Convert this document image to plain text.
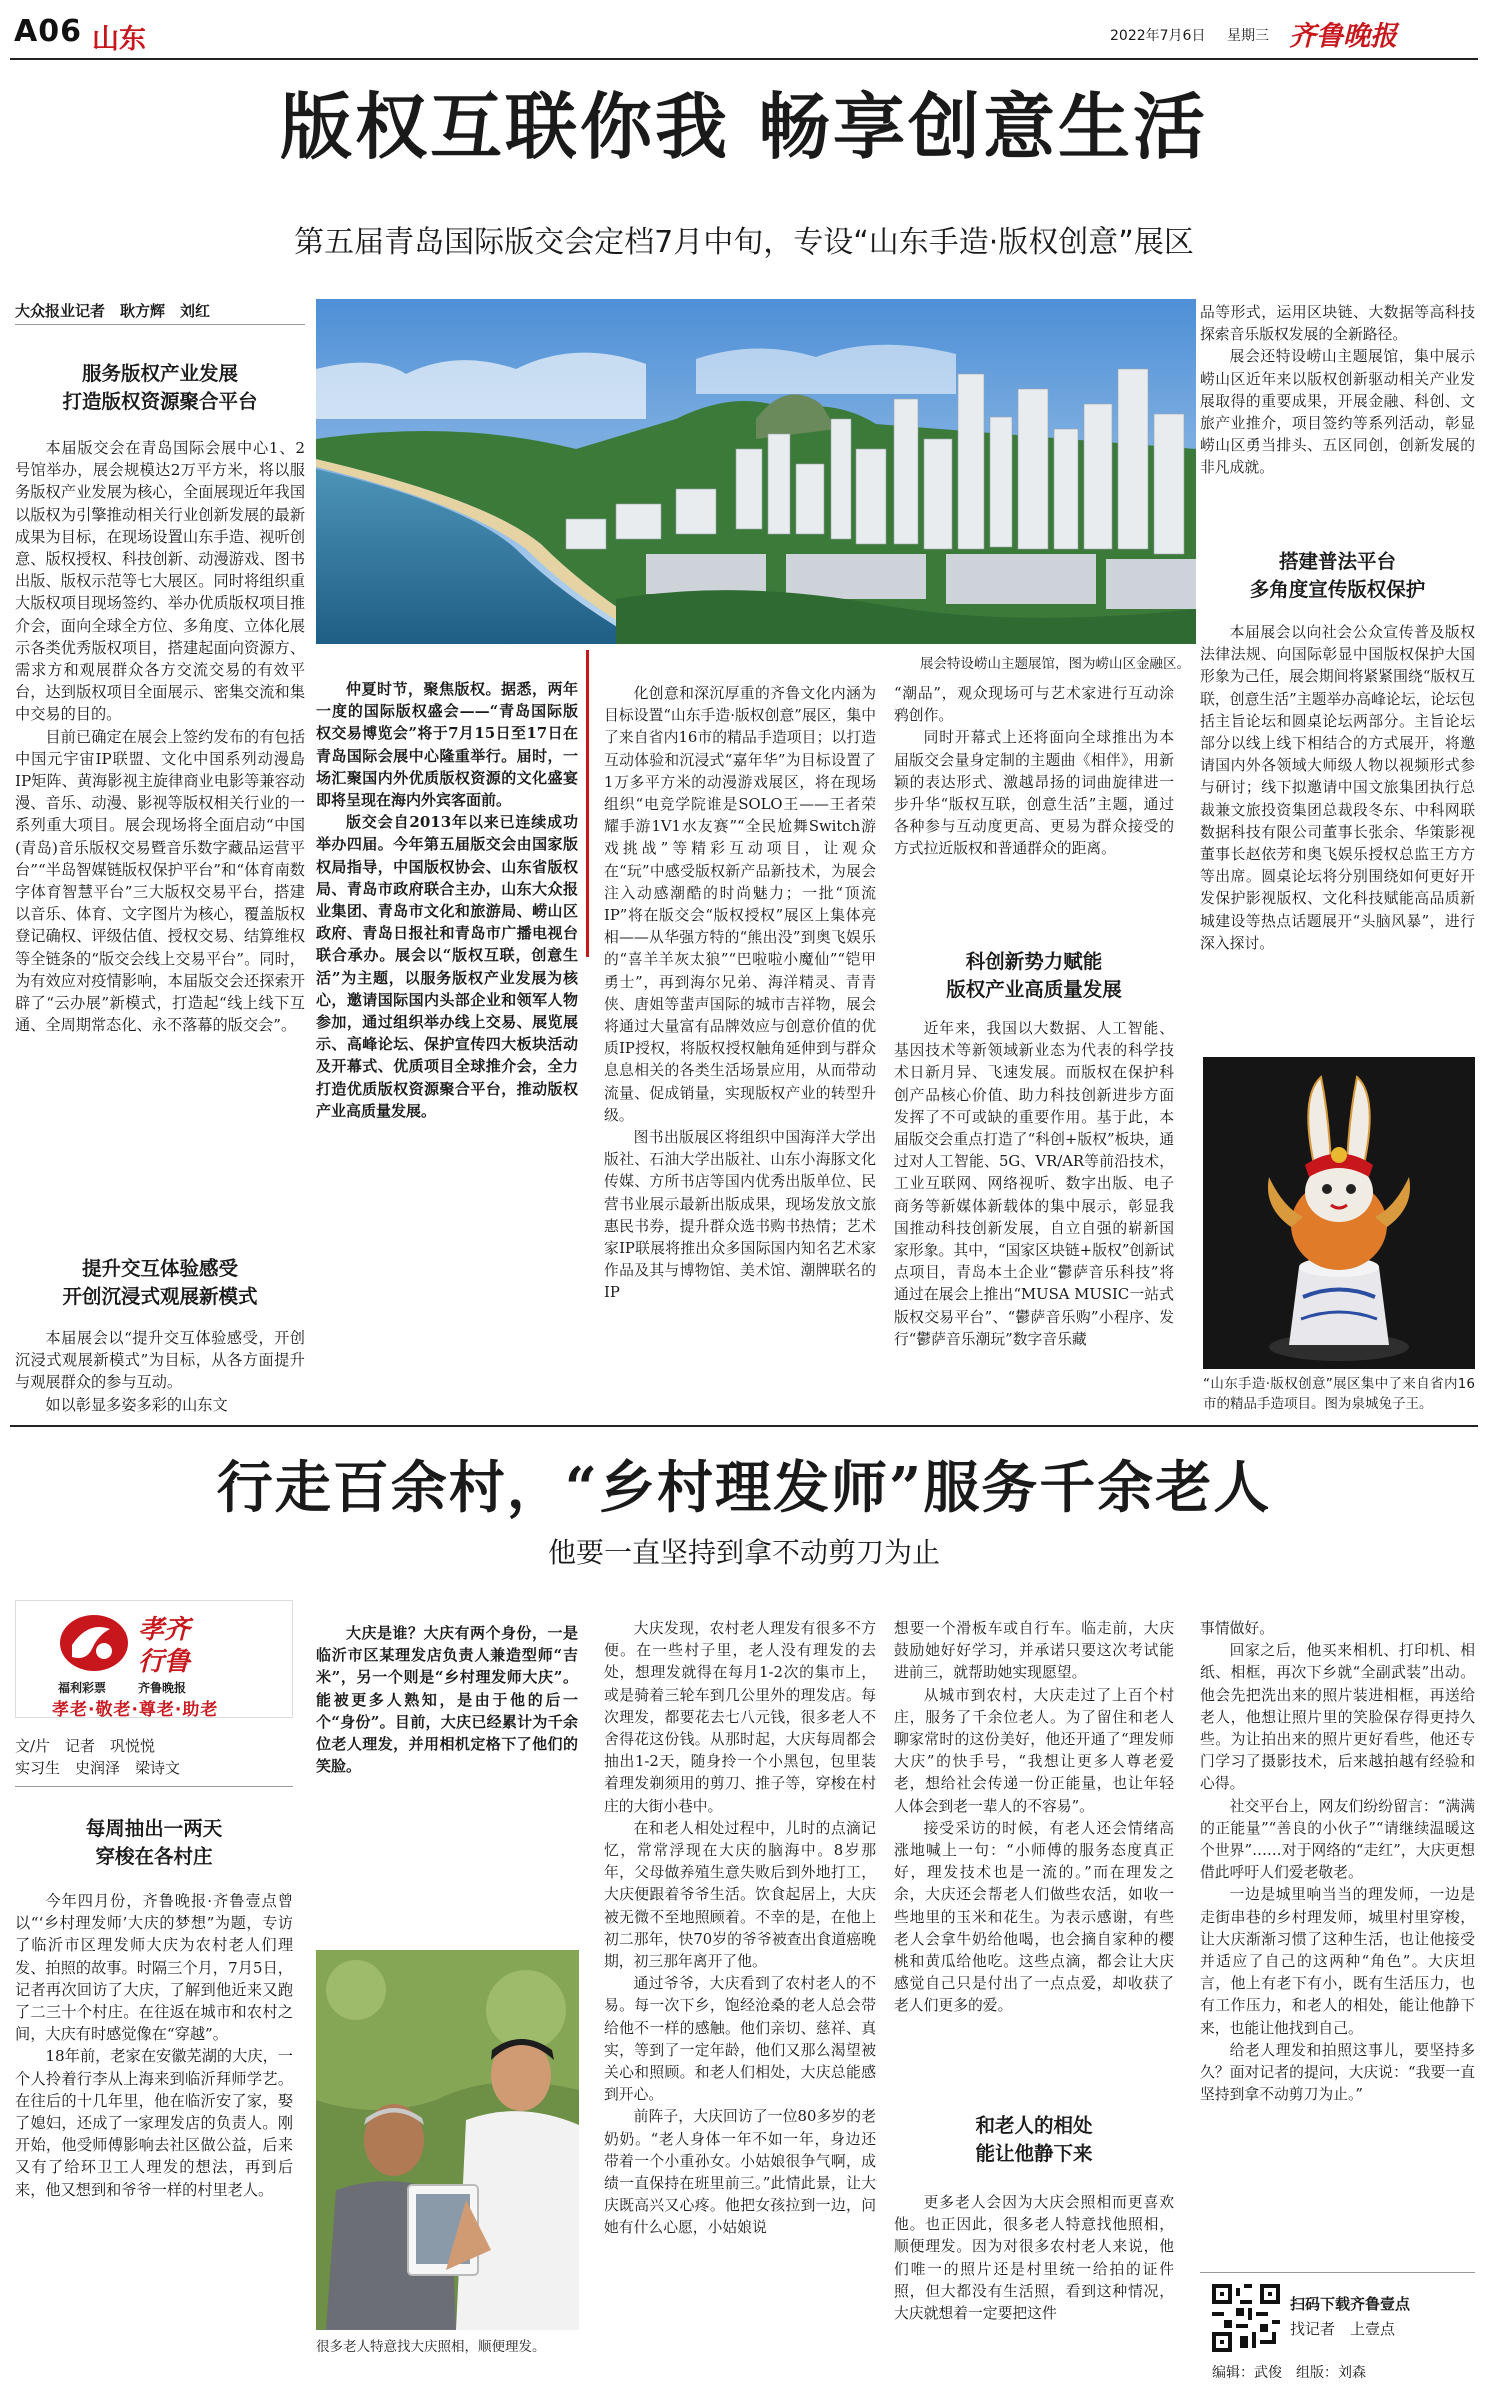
A06 山东	2022年7月6日 星期三 齐鲁晚报
版权互联你我 畅享创意生活
第五届青岛国际版交会定档7月中旬，专设“山东手造·版权创意”展区
大众报业记者　耿方辉　刘红
服务版权产业发展
打造版权资源聚合平台

本届版交会在青岛国际会展中心1、2号馆举办，展会规模达2万平方米，将以服务版权产业发展为核心，全面展现近年我国以版权为引擎推动相关行业创新发展的最新成果为目标，在现场设置山东手造、视听创意、版权授权、科技创新、动漫游戏、图书出版、版权示范等七大展区。同时将组织重大版权项目现场签约、举办优质版权项目推介会，面向全球全方位、多角度、立体化展示各类优秀版权项目，搭建起面向资源方、需求方和观展群众各方交流交易的有效平台，达到版权项目全面展示、密集交流和集中交易的目的。

目前已确定在展会上签约发布的有包括中国元宇宙IP联盟、文化中国系列动漫島IP矩阵、黄海影视主旋律商业电影等兼容动漫、音乐、动漫、影视等版权相关行业的一系列重大项目。展会现场将全面启动“中国(青岛)音乐版权交易暨音乐数字藏品运营平台”“半岛智媒链版权保护平台”和“体育南数字体育智慧平台”三大版权交易平台，搭建以音乐、体育、文字图片为核心，覆盖版权登记确权、评级估值、授权交易、结算维权等全链条的“版交会线上交易平台”。同时，为有效应对疫情影响，本届版交会还探索开辟了“云办展”新模式，打造起“线上线下互通、全周期常态化、永不落幕的版交会”。

提升交互体验感受
开创沉浸式观展新模式

本届展会以“提升交互体验感受，开创沉浸式观展新模式”为目标，从各方面提升与观展群众的参与互动。

如以彰显多姿多彩的山东文

展会特设崂山主题展馆，图为崂山区金融区。

仲夏时节，聚焦版权。据悉，两年一度的国际版权盛会——“青岛国际版权交易博览会”将于7月15日至17日在青岛国际会展中心隆重举行。届时，一场汇聚国内外优质版权资源的文化盛宴即将呈现在海内外宾客面前。

版交会自2013年以来已连续成功举办四届。今年第五届版交会由国家版权局指导，中国版权协会、山东省版权局、青岛市政府联合主办，山东大众报业集团、青岛市文化和旅游局、崂山区政府、青岛日报社和青岛市广播电视台联合承办。展会以“版权互联，创意生活”为主题，以服务版权产业发展为核心，邀请国际国内头部企业和领军人物参加，通过组织举办线上交易、展览展示、高峰论坛、保护宣传四大板块活动及开幕式、优质项目全球推介会，全力打造优质版权资源聚合平台，推动版权产业高质量发展。

化创意和深沉厚重的齐鲁文化内涵为目标设置“山东手造·版权创意”展区，集中了来自省内16市的精品手造项目；以打造互动体验和沉浸式“嘉年华”为目标设置了1万多平方米的动漫游戏展区，将在现场组织“电竞学院谁是SOLO王——王者荣耀手游1V1水友赛”“全民尬舞Switch游戏挑战”等精彩互动项目，让观众在“玩”中感受版权新产品新技术，为展会注入动感潮酷的时尚魅力；一批“顶流IP”将在版交会“版权授权”展区上集体亮相——从华强方特的“熊出没”到奥飞娱乐的“喜羊羊灰太狼”“巴啦啦小魔仙”“铠甲勇士”，再到海尔兄弟、海洋精灵、青青侠、唐姐等蜚声国际的城市吉祥物，展会将通过大量富有品牌效应与创意价值的优质IP授权，将版权授权触角延伸到与群众息息相关的各类生活场景应用，从而带动流量、促成销量，实现版权产业的转型升级。

图书出版展区将组织中国海洋大学出版社、石油大学出版社、山东小海豚文化传媒、方所书店等国内优秀出版单位、民营书业展示最新出版成果，现场发放文旅惠民书券，提升群众选书购书热情；艺术家IP联展将推出众多国际国内知名艺术家作品及其与博物馆、美术馆、潮牌联名的IP

“潮品”，观众现场可与艺术家进行互动涂鸦创作。

同时开幕式上还将面向全球推出为本届版交会量身定制的主题曲《相伴》，用新颖的表达形式、激越昂扬的词曲旋律进一步升华“版权互联，创意生活”主题，通过各种参与互动度更高、更易为群众接受的方式拉近版权和普通群众的距离。

科创新势力赋能
版权产业高质量发展

近年来，我国以大数据、人工智能、基因技术等新领域新业态为代表的科学技术日新月异、飞速发展。而版权在保护科创产品核心价值、助力科技创新进步方面发挥了不可或缺的重要作用。基于此，本届版交会重点打造了“科创+版权”板块，通过对人工智能、5G、VR/AR等前沿技术，工业互联网、网络视听、数字出版、电子商务等新媒体新载体的集中展示，彰显我国推动科技创新发展，自立自强的崭新国家形象。其中，“国家区块链+版权”创新试点项目，青岛本土企业“鬱萨音乐科技”将通过在展会上推出“MUSA MUSIC一站式版权交易平台”、“鬱萨音乐购”小程序、发行“鬱萨音乐潮玩”数字音乐藏

品等形式，运用区块链、大数据等高科技探索音乐版权发展的全新路径。

展会还特设崂山主题展馆，集中展示崂山区近年来以版权创新驱动相关产业发展取得的重要成果，开展金融、科创、文旅产业推介，项目签约等系列活动，彰显崂山区勇当排头、五区同创，创新发展的非凡成就。

搭建普法平台
多角度宣传版权保护

本届展会以向社会公众宣传普及版权法律法规、向国际彰显中国版权保护大国形象为己任，展会期间将紧紧围绕“版权互联，创意生活”主题举办高峰论坛，论坛包括主旨论坛和圆桌论坛两部分。主旨论坛部分以线上线下相结合的方式展开，将邀请国内外各领域大师级人物以视频形式参与研讨；线下拟邀请中国文旅集团执行总裁兼文旅投资集团总裁段冬东、中科网联数据科技有限公司董事长张余、华策影视董事长赵依芳和奥飞娱乐授权总监王方方等出席。圆桌论坛将分别围绕如何更好开发保护影视版权、文化科技赋能高品质新城建设等热点话题展开“头脑风暴”，进行深入探讨。

“山东手造·版权创意”展区集中了来自省内16市的精品手造项目。图为泉城兔子王。
行走百余村，“乡村理发师”服务千余老人
他要一直坚持到拿不动剪刀为止
孝齐
行鲁
福利彩票	齐鲁晚报
孝老·敬老·尊老·助老

大庆是谁？大庆有两个身份，一是临沂市区某理发店负责人兼造型师“吉米”，另一个则是“乡村理发师大庆”。能被更多人熟知，是由于他的后一个“身份”。目前，大庆已经累计为千余位老人理发，并用相机定格下了他们的笑脸。

文/片　记者　巩悦悦
实习生　史润泽　梁诗文
每周抽出一两天
穿梭在各村庄

今年四月份，齐鲁晚报·齐鲁壹点曾以“‘乡村理发师’大庆的梦想”为题，专访了临沂市区理发师大庆为农村老人们理发、拍照的故事。时隔三个月，7月5日，记者再次回访了大庆，了解到他近来又跑了二三十个村庄。在往返在城市和农村之间，大庆有时感觉像在“穿越”。

18年前，老家在安徽芜湖的大庆，一个人拎着行李从上海来到临沂拜师学艺。在往后的十几年里，他在临沂安了家，娶了媳妇，还成了一家理发店的负责人。刚开始，他受师傅影响去社区做公益，后来又有了给环卫工人理发的想法，再到后来，他又想到和爷爷一样的村里老人。

很多老人特意找大庆照相，顺便理发。

大庆发现，农村老人理发有很多不方便。在一些村子里，老人没有理发的去处，想理发就得在每月1-2次的集市上，或是骑着三轮车到几公里外的理发店。每次理发，都要花去七八元钱，很多老人不舍得花这份钱。从那时起，大庆每周都会抽出1-2天，随身拎一个小黑包，包里装着理发剃须用的剪刀、推子等，穿梭在村庄的大街小巷中。

在和老人相处过程中，儿时的点滴记忆，常常浮现在大庆的脑海中。8岁那年，父母做养殖生意失败后到外地打工，大庆便跟着爷爷生活。饮食起居上，大庆被无微不至地照顾着。不幸的是，在他上初二那年，快70岁的爷爷被查出食道癌晚期，初三那年离开了他。

通过爷爷，大庆看到了农村老人的不易。每一次下乡，饱经沧桑的老人总会带给他不一样的感触。他们亲切、慈祥、真实，等到了一定年龄，他们又那么渴望被关心和照顾。和老人们相处，大庆总能感到开心。

前阵子，大庆回访了一位80多岁的老奶奶。“老人身体一年不如一年，身边还带着一个小重孙女。小姑娘很争气啊，成绩一直保持在班里前三。”此情此景，让大庆既高兴又心疼。他把女孩拉到一边，问她有什么心愿，小姑娘说

想要一个滑板车或自行车。临走前，大庆鼓励她好好学习，并承诺只要这次考试能进前三，就帮助她实现愿望。

从城市到农村，大庆走过了上百个村庄，服务了千余位老人。为了留住和老人聊家常时的这份美好，他还开通了“理发师大庆”的快手号，“我想让更多人尊老爱老，想给社会传递一份正能量，也让年轻人体会到老一辈人的不容易”。

接受采访的时候，有老人还会情绪高涨地喊上一句：“小师傅的服务态度真正好，理发技术也是一流的。”而在理发之余，大庆还会帮老人们做些农活，如收一些地里的玉米和花生。为表示感谢，有些老人会拿牛奶给他喝，也会摘自家种的樱桃和黄瓜给他吃。这些点滴，都会让大庆感觉自己只是付出了一点点爱，却收获了老人们更多的爱。

和老人的相处
能让他静下来

更多老人会因为大庆会照相而更喜欢他。也正因此，很多老人特意找他照相，顺便理发。因为对很多农村老人来说，他们唯一的照片还是村里统一给拍的证件照，但大都没有生活照，看到这种情况，大庆就想着一定要把这件

事情做好。

回家之后，他买来相机、打印机、相纸、相框，再次下乡就“全副武装”出动。他会先把洗出来的照片装进相框，再送给老人，他想让照片里的笑脸保存得更持久些。为让拍出来的照片更好看些，他还专门学习了摄影技术，后来越拍越有经验和心得。

社交平台上，网友们纷纷留言：“满满的正能量”“善良的小伙子”“请继续温暖这个世界”……对于网络的“走红”，大庆更想借此呼吁人们爱老敬老。

一边是城里响当当的理发师，一边是走街串巷的乡村理发师，城里村里穿梭，让大庆渐渐习惯了这种生活，也让他接受并适应了自己的这两种“角色”。大庆坦言，他上有老下有小，既有生活压力，也有工作压力，和老人的相处，能让他静下来，也能让他找到自己。

给老人理发和拍照这事儿，要坚持多久？面对记者的提问，大庆说：“我要一直坚持到拿不动剪刀为止。”

扫码下载齐鲁壹点
找记者　上壹点
编辑：武俊　组版：刘森
